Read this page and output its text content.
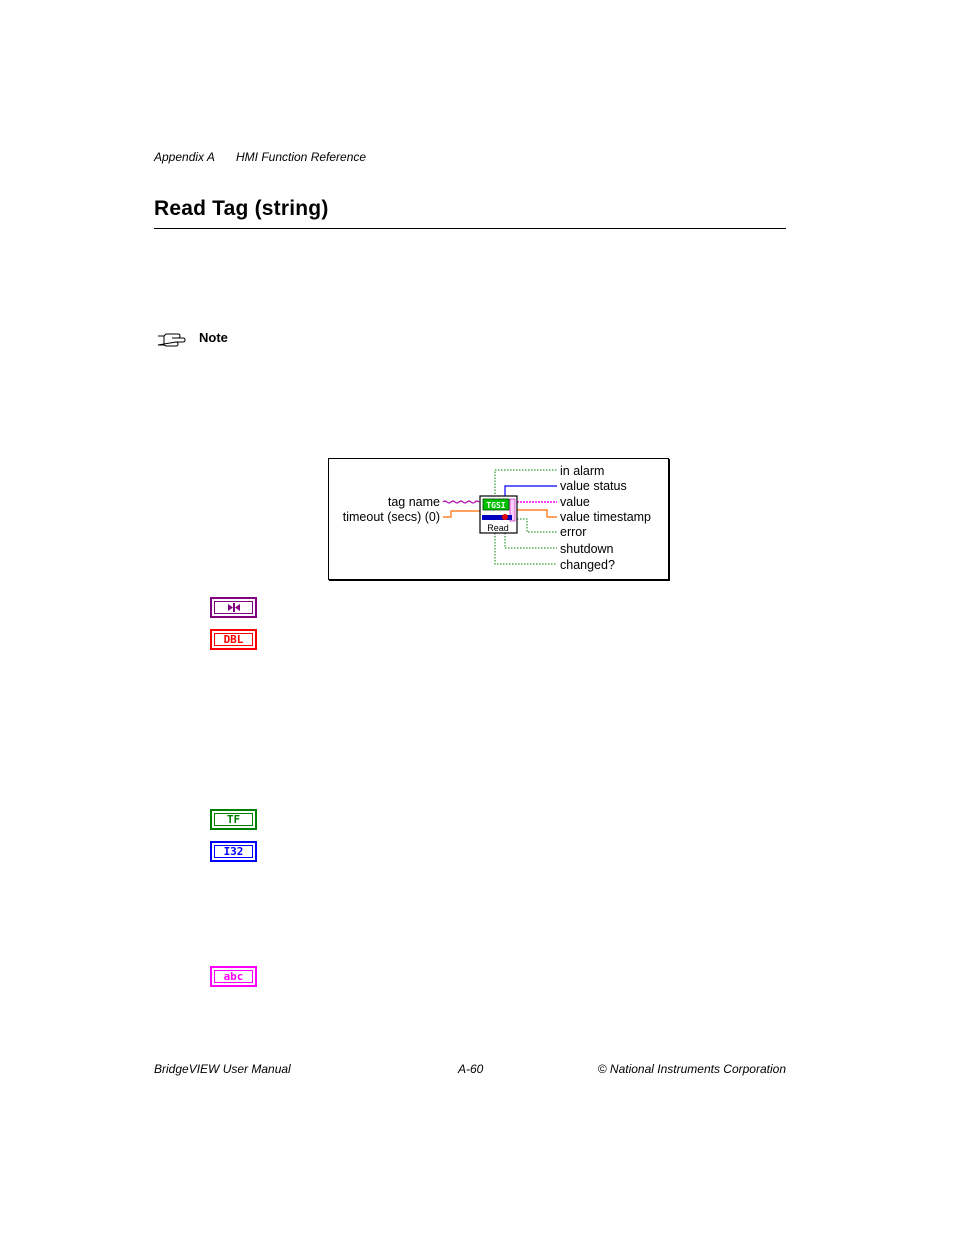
Appendix A HMI Function Reference
Read Tag (string)
Note
TGSI
Read
tag name
timeout (secs) (0)
in alarm
value status
value
value timestamp
error
shutdown
changed?
DBL
TF
I32
abc
BridgeVIEW User Manual	A-60	© National Instruments Corporation
